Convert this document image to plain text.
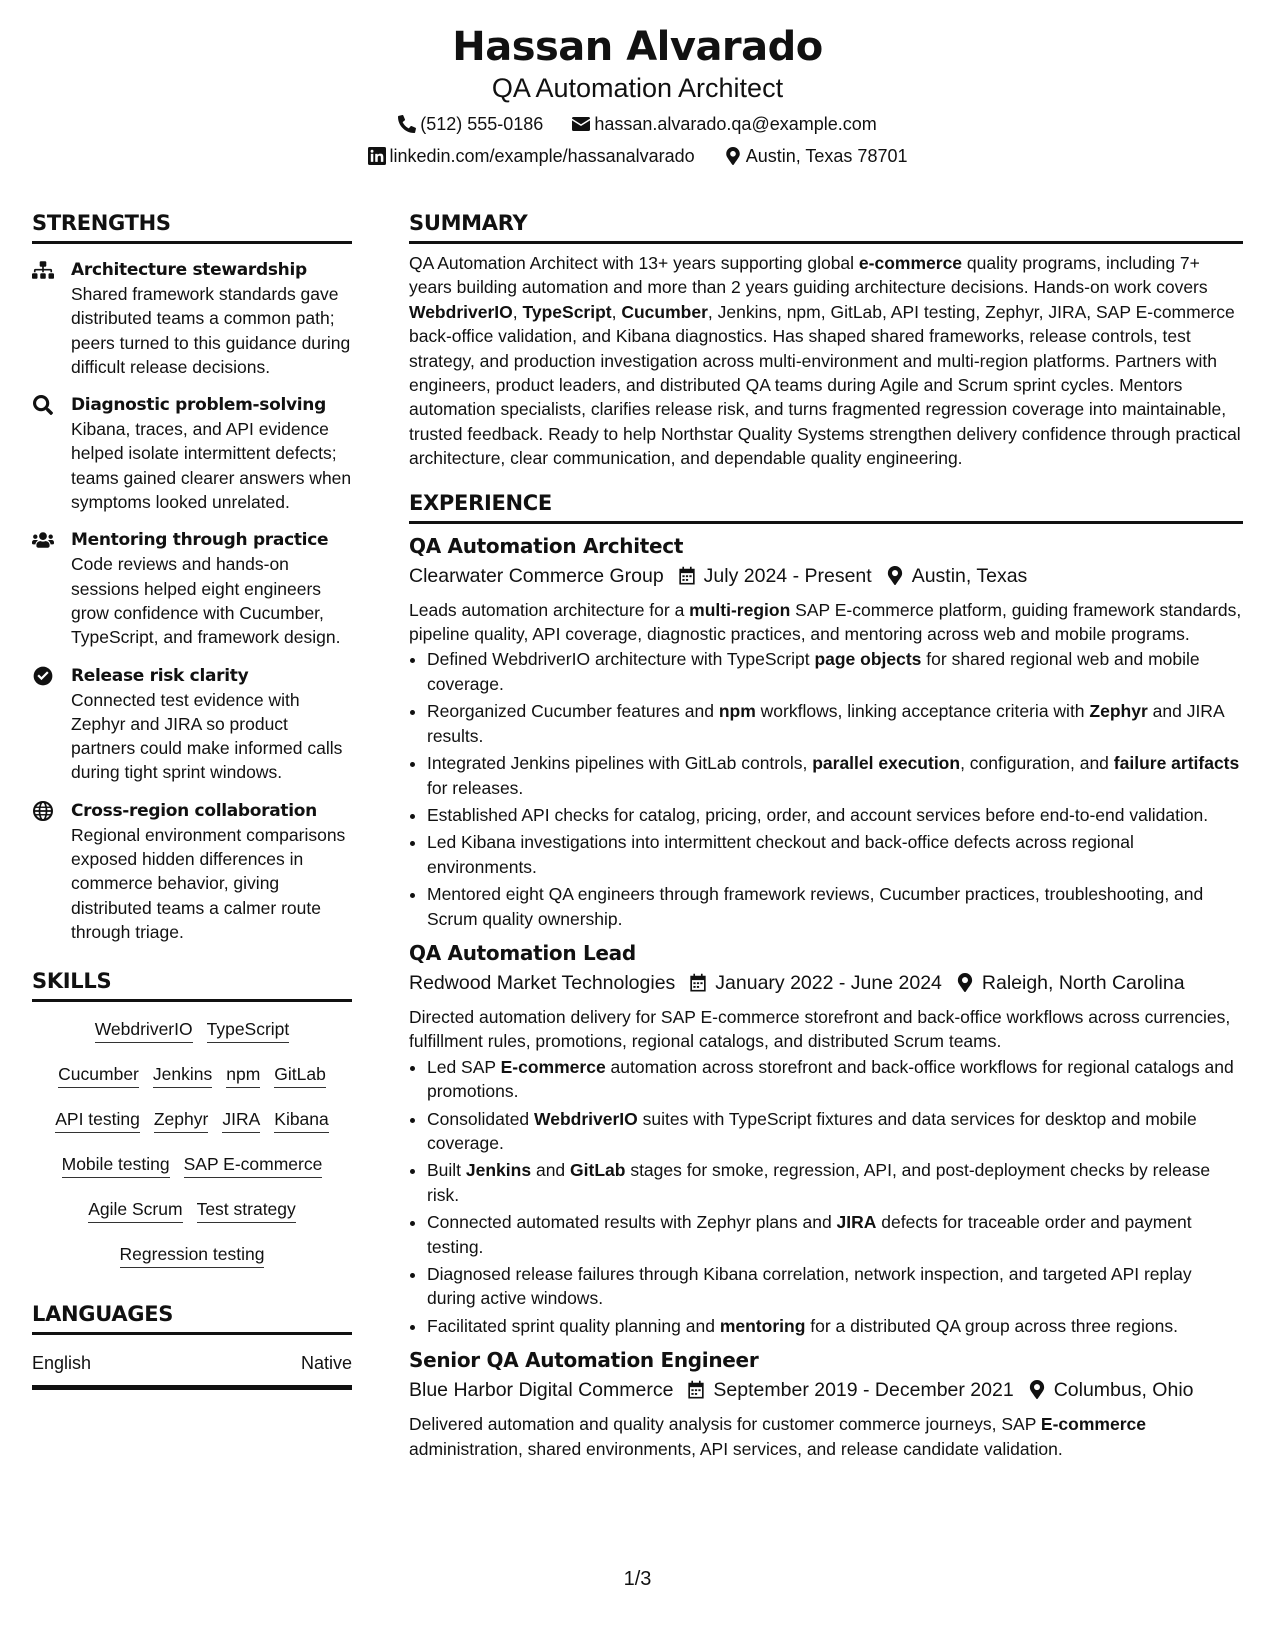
Hassan Alvarado
QA Automation Architect
(512) 555-0186	hassan.alvarado.qa@example.com
linkedin.com/example/hassanalvarado	Austin, Texas 78701
STRENGTHS
Architecture stewardship
Shared framework standards gave distributed teams a common path; peers turned to this guidance during difficult release decisions.
Diagnostic problem-solving
Kibana, traces, and API evidence helped isolate intermittent defects; teams gained clearer answers when symptoms looked unrelated.
Mentoring through practice
Code reviews and hands-on sessions helped eight engineers grow confidence with Cucumber, TypeScript, and framework design.
Release risk clarity
Connected test evidence with Zephyr and JIRA so product partners could make informed calls during tight sprint windows.
Cross-region collaboration
Regional environment comparisons exposed hidden differences in commerce behavior, giving distributed teams a calmer route through triage.
SKILLS
WebdriverIO TypeScript
Cucumber Jenkins npm GitLab
API testing Zephyr JIRA Kibana
Mobile testing SAP E-commerce
Agile Scrum Test strategy
Regression testing
LANGUAGES
English	Native
SUMMARY
QA Automation Architect with 13+ years supporting global e-commerce quality programs, including 7+ years building automation and more than 2 years guiding architecture decisions. Hands-on work covers WebdriverIO, TypeScript, Cucumber, Jenkins, npm, GitLab, API testing, Zephyr, JIRA, SAP E-commerce back-office validation, and Kibana diagnostics. Has shaped shared frameworks, release controls, test strategy, and production investigation across multi-environment and multi-region platforms. Partners with engineers, product leaders, and distributed QA teams during Agile and Scrum sprint cycles. Mentors automation specialists, clarifies release risk, and turns fragmented regression coverage into maintainable, trusted feedback. Ready to help Northstar Quality Systems strengthen delivery confidence through practical architecture, clear communication, and dependable quality engineering.
EXPERIENCE
QA Automation Architect
Clearwater Commerce Group July 2024 - Present Austin, Texas
Leads automation architecture for a multi-region SAP E-commerce platform, guiding framework standards, pipeline quality, API coverage, diagnostic practices, and mentoring across web and mobile programs.
• Defined WebdriverIO architecture with TypeScript page objects for shared regional web and mobile coverage.
• Reorganized Cucumber features and npm workflows, linking acceptance criteria with Zephyr and JIRA results.
• Integrated Jenkins pipelines with GitLab controls, parallel execution, configuration, and failure artifacts for releases.
• Established API checks for catalog, pricing, order, and account services before end-to-end validation.
• Led Kibana investigations into intermittent checkout and back-office defects across regional environments.
• Mentored eight QA engineers through framework reviews, Cucumber practices, troubleshooting, and Scrum quality ownership.
QA Automation Lead
Redwood Market Technologies January 2022 - June 2024 Raleigh, North Carolina
Directed automation delivery for SAP E-commerce storefront and back-office workflows across currencies, fulfillment rules, promotions, regional catalogs, and distributed Scrum teams.
• Led SAP E-commerce automation across storefront and back-office workflows for regional catalogs and promotions.
• Consolidated WebdriverIO suites with TypeScript fixtures and data services for desktop and mobile coverage.
• Built Jenkins and GitLab stages for smoke, regression, API, and post-deployment checks by release risk.
• Connected automated results with Zephyr plans and JIRA defects for traceable order and payment testing.
• Diagnosed release failures through Kibana correlation, network inspection, and targeted API replay during active windows.
• Facilitated sprint quality planning and mentoring for a distributed QA group across three regions.
Senior QA Automation Engineer
Blue Harbor Digital Commerce September 2019 - December 2021 Columbus, Ohio
Delivered automation and quality analysis for customer commerce journeys, SAP E-commerce administration, shared environments, API services, and release candidate validation.
1/3
